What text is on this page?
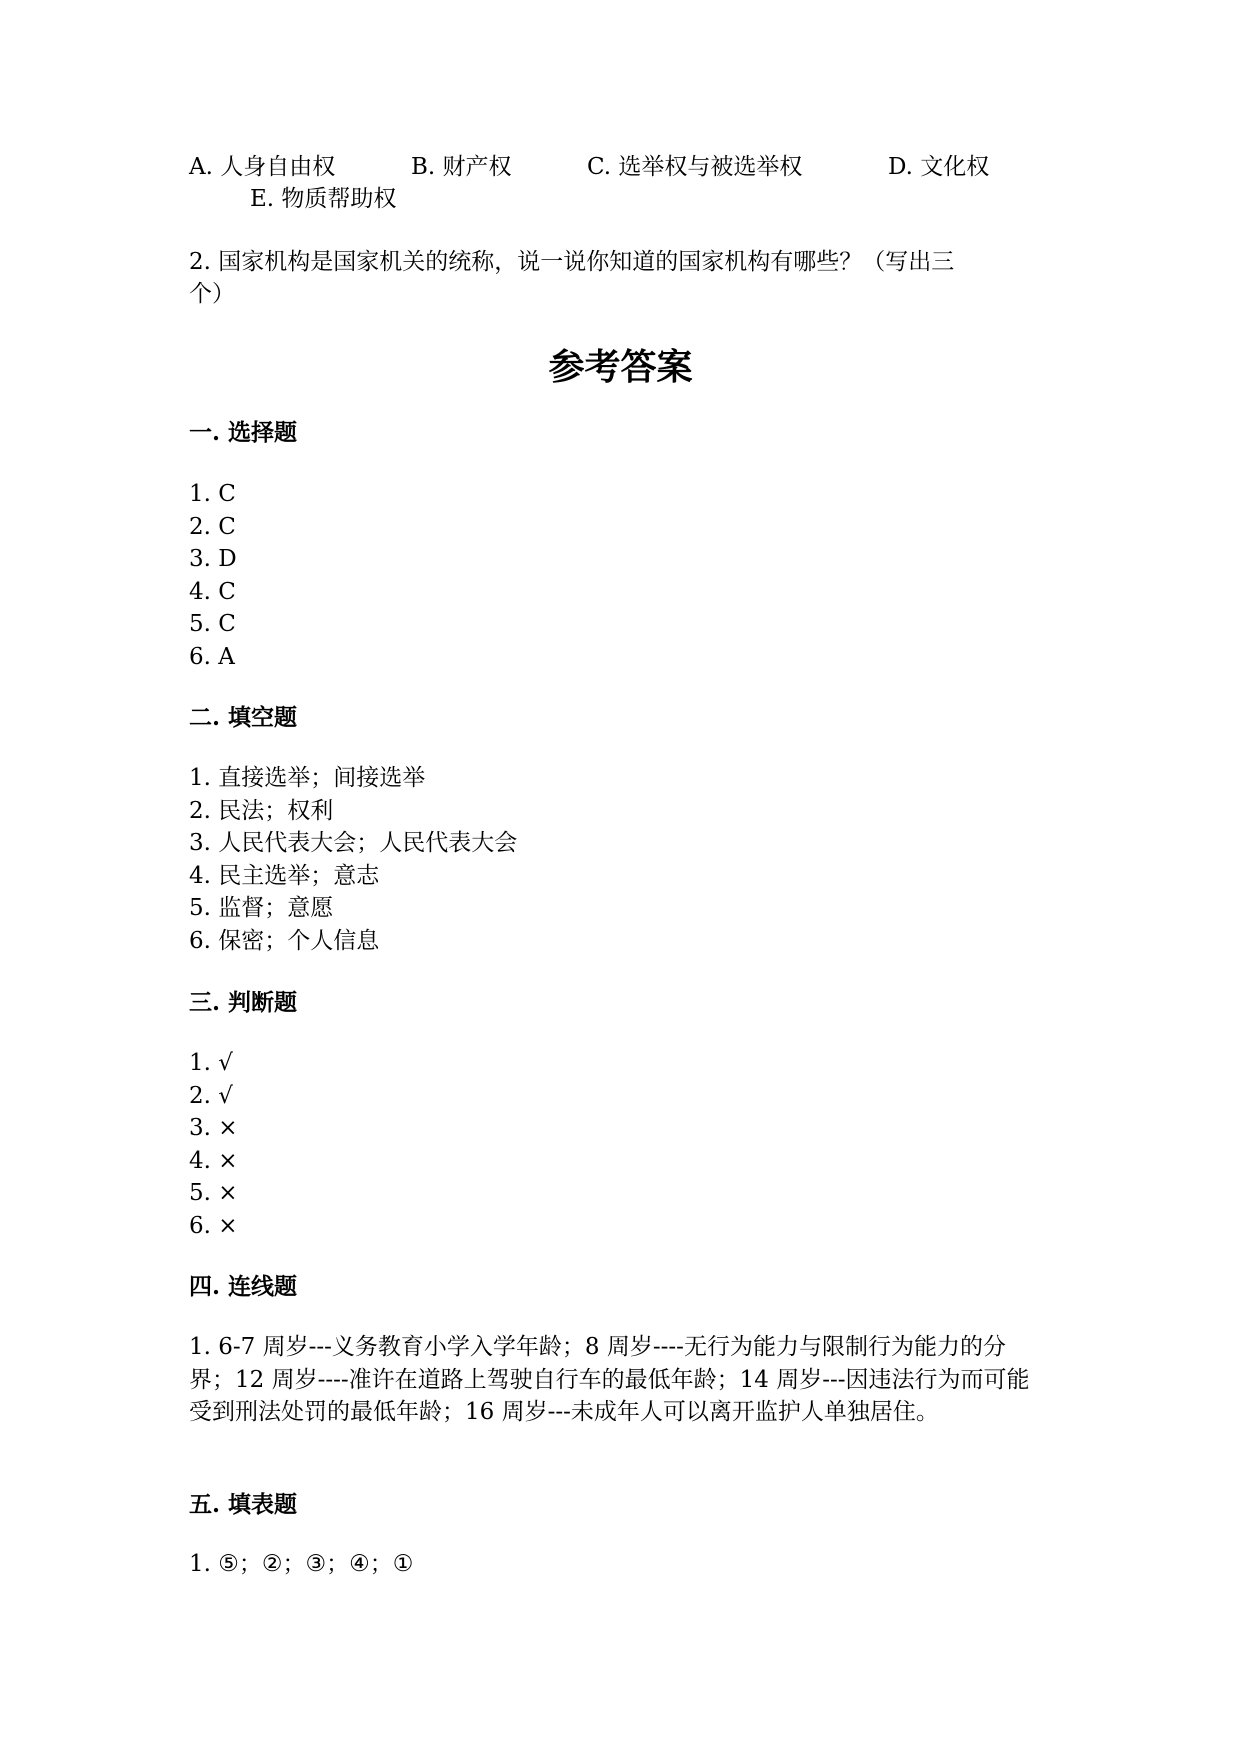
A. 人身自由权	B. 财产权	C. 选举权与被选举权	D. 文化权
E. 物质帮助权
2. 国家机构是国家机关的统称，说一说你知道的国家机构有哪些？（写出三
个）
参考答案
一. 选择题
1. C
2. C
3. D
4. C
5. C
6. A
二. 填空题
1. 直接选举；间接选举
2. 民法；权利
3. 人民代表大会；人民代表大会
4. 民主选举；意志
5. 监督；意愿
6. 保密；个人信息
三. 判断题
1. √
2. √
3. ×
4. ×
5. ×
6. ×
四. 连线题
1. 6-7 周岁---义务教育小学入学年龄；8 周岁----无行为能力与限制行为能力的分界；12 周岁----准许在道路上驾驶自行车的最低年龄；14 周岁---因违法行为而可能受到刑法处罚的最低年龄；16 周岁---未成年人可以离开监护人单独居住。
五. 填表题
1. ⑤；②；③；④；①
